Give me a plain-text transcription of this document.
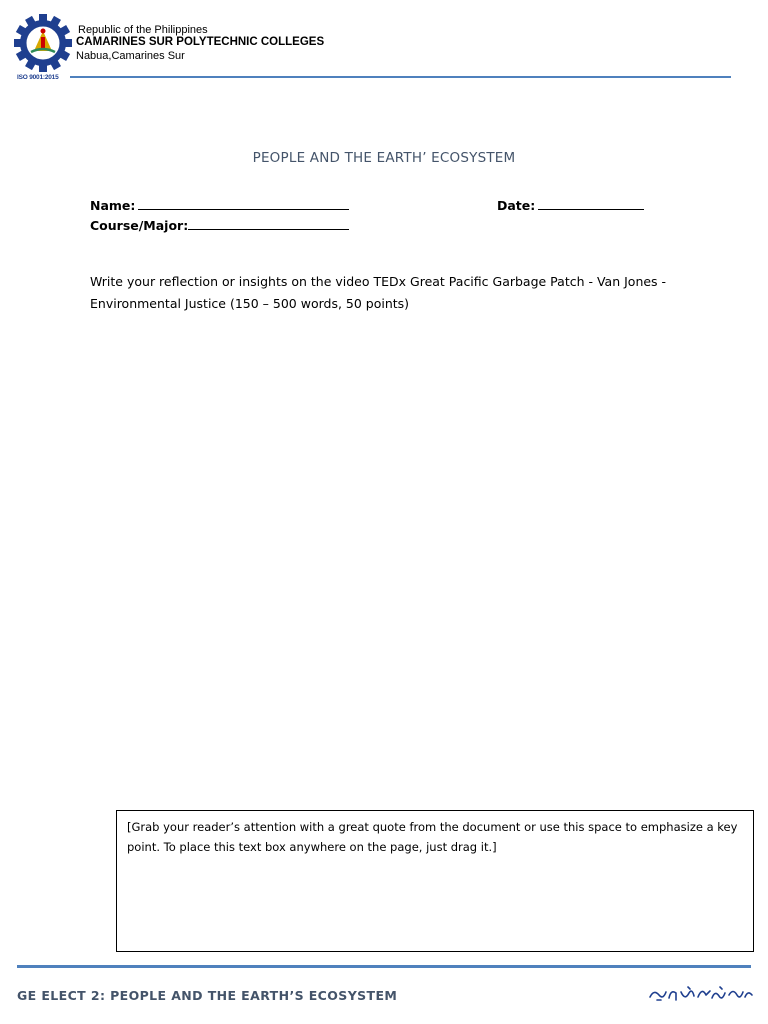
ISO 9001:2015
Republic of the Philippines
CAMARINES SUR POLYTECHNIC COLLEGES
Nabua,Camarines Sur
PEOPLE AND THE EARTH’ ECOSYSTEM
Name:	Date:
Course/Major:
Write your reflection or insights on the video TEDx Great Pacific Garbage Patch - Van Jones - Environmental Justice (150 – 500 words, 50 points)
[Grab your reader’s attention with a great quote from the document or use this space to emphasize a key point. To place this text box anywhere on the page, just drag it.]
GE ELECT 2: PEOPLE AND THE EARTH’S ECOSYSTEM
